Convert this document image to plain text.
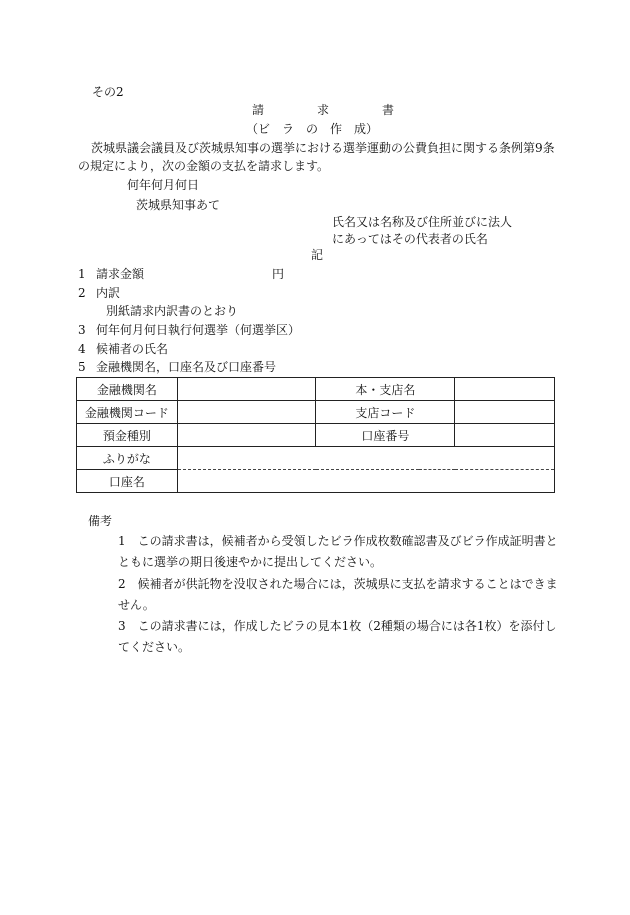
その2
請　　　　求　　　　書
（ビ　ラ　の　作　成）
茨城県議会議員及び茨城県知事の選挙における選挙運動の公費負担に関する条例第9条
の規定により，次の金額の支払を請求します。
何年何月何日
茨城県知事あて
氏名又は名称及び住所並びに法人
にあってはその代表者の氏名
記
1 請求金額	円
2 内訳
別紙請求内訳書のとおり
3 何年何月何日執行何選挙（何選挙区）
4 候補者の氏名
5 金融機関名，口座名及び口座番号
金融機関名		本・支店名	
金融機関コード		支店コード	
預金種別		口座番号	
ふりがな			
口座名			
備考
1　この請求書は，候補者から受領したビラ作成枚数確認書及びビラ作成証明書とともに選挙の期日後速やかに提出してください。
2　候補者が供託物を没収された場合には，茨城県に支払を請求することはできません。
3　この請求書には，作成したビラの見本1枚（2種類の場合には各1枚）を添付してください。
